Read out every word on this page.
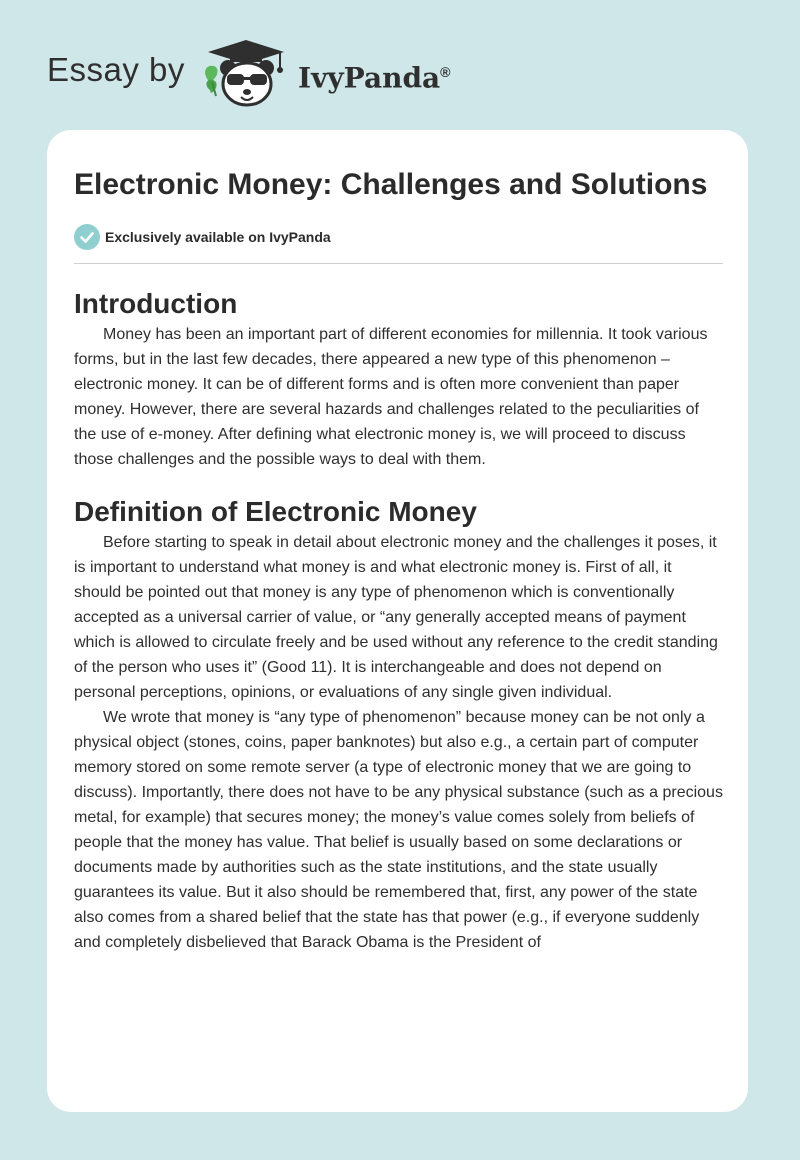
Essay by	IvyPanda®
Electronic Money: Challenges and Solutions
Exclusively available on IvyPanda
Introduction

Money has been an important part of different economies for millennia. It took various forms, but in the last few decades, there appeared a new type of this phenomenon – electronic money. It can be of different forms and is often more convenient than paper money. However, there are several hazards and challenges related to the peculiarities of the use of e-money. After defining what electronic money is, we will proceed to discuss those challenges and the possible ways to deal with them.

Definition of Electronic Money

Before starting to speak in detail about electronic money and the challenges it poses, it is important to understand what money is and what electronic money is. First of all, it should be pointed out that money is any type of phenomenon which is conventionally accepted as a universal carrier of value, or “any generally accepted means of payment which is allowed to circulate freely and be used without any reference to the credit standing of the person who uses it” (Good 11). It is interchangeable and does not depend on personal perceptions, opinions, or evaluations of any single given individual.

We wrote that money is “any type of phenomenon” because money can be not only a physical object (stones, coins, paper banknotes) but also e.g., a certain part of computer memory stored on some remote server (a type of electronic money that we are going to discuss). Importantly, there does not have to be any physical substance (such as a precious metal, for example) that secures money; the money’s value comes solely from beliefs of people that the money has value. That belief is usually based on some declarations or documents made by authorities such as the state institutions, and the state usually guarantees its value. But it also should be remembered that, first, any power of the state also comes from a shared belief that the state has that power (e.g., if everyone suddenly and completely disbelieved that Barack Obama is the President of
